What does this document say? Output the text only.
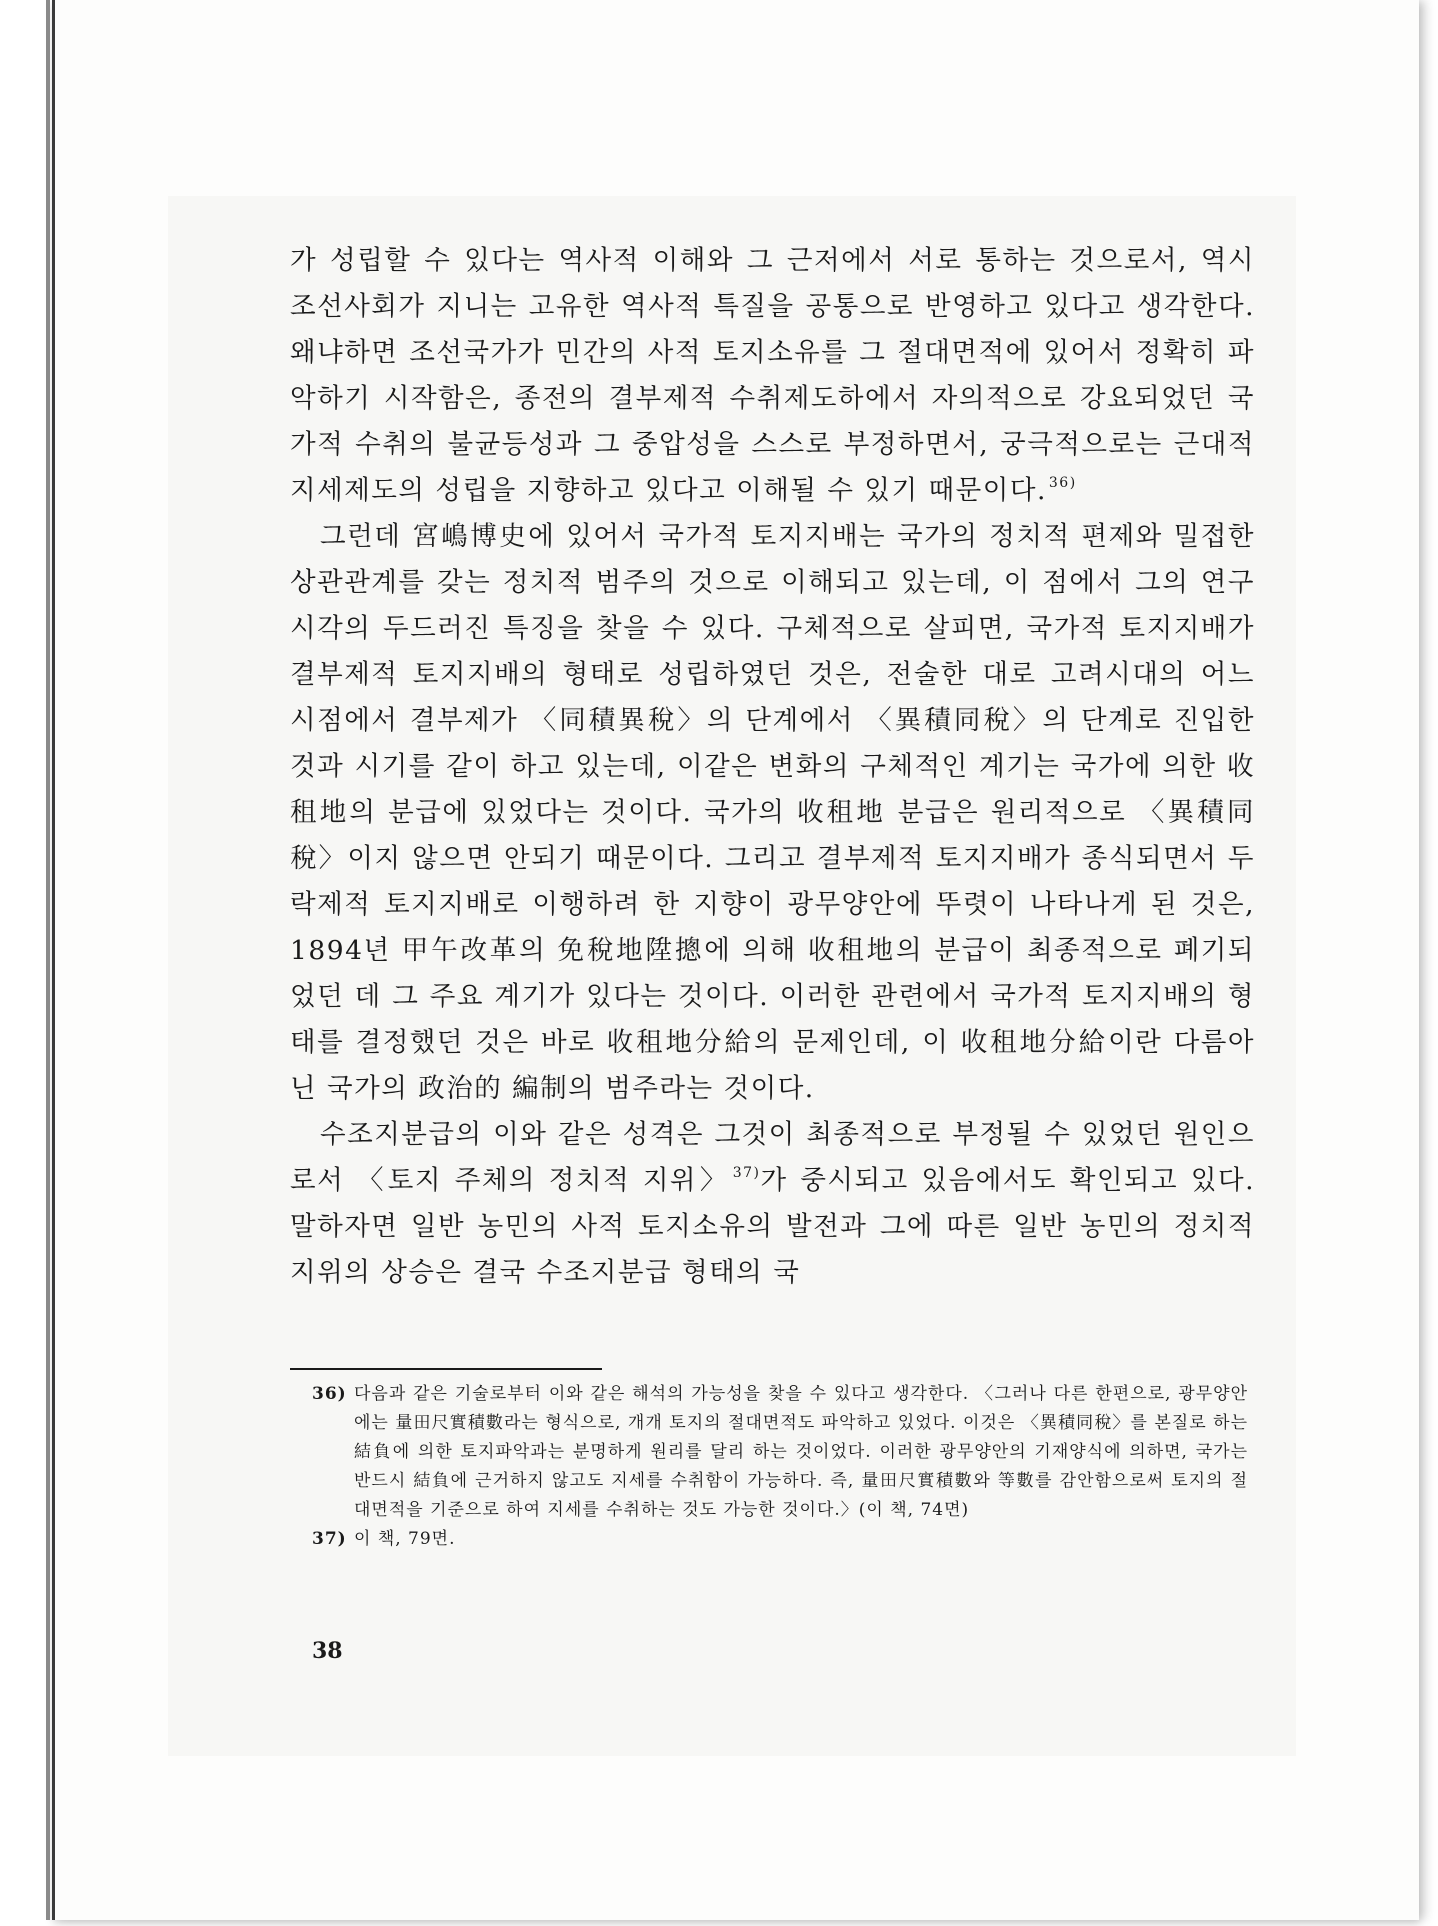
가 성립할 수 있다는 역사적 이해와 그 근저에서 서로 통하는 것으로서, 역시 조선사회가 지니는 고유한 역사적 특질을 공통으로 반영하고 있다고 생각한다. 왜냐하면 조선국가가 민간의 사적 토지소유를 그 절대면적에 있어서 정확히 파악하기 시작함은, 종전의 결부제적 수취제도하에서 자의적으로 강요되었던 국가적 수취의 불균등성과 그 중압성을 스스로 부정하면서, 궁극적으로는 근대적 지세제도의 성립을 지향하고 있다고 이해될 수 있기 때문이다. $^{36)}$

그런데 宮嶋博史에 있어서 국가적 토지지배는 국가의 정치적 편제와 밀접한 상관관계를 갖는 정치적 범주의 것으로 이해되고 있는데, 이 점에서 그의 연구시각의 두드러진 특징을 찾을 수 있다. 구체적으로 살피면, 국가적 토지지배가 결부제적 토지지배의 형태로 성립하였던 것은, 전술한 대로 고려시대의 어느 시점에서 결부제가 〈同積異稅〉의 단계에서 〈異積同稅〉의 단계로 진입한 것과 시기를 같이 하고 있는데, 이같은 변화의 구체적인 계기는 국가에 의한 收租地의 분급에 있었다는 것이다. 국가의 收租地 분급은 원리적으로 〈異積同稅〉이지 않으면 안되기 때문이다. 그리고 결부제적 토지지배가 종식되면서 두락제적 토지지배로 이행하려 한 지향이 광무양안에 뚜렷이 나타나게 된 것은, 1894년 甲午改革의 免稅地陞摠에 의해 收租地의 분급이 최종적으로 폐기되었던 데 그 주요 계기가 있다는 것이다. 이러한 관련에서 국가적 토지지배의 형태를 결정했던 것은 바로 收租地分給의 문제인데, 이 收租地分給이란 다름아닌 국가의 政治的 編制의 범주라는 것이다.

수조지분급의 이와 같은 성격은 그것이 최종적으로 부정될 수 있었던 원인으로서 〈토지 주체의 정치적 지위〉 $^{37)}$가 중시되고 있음에서도 확인되고 있다. 말하자면 일반 농민의 사적 토지소유의 발전과 그에 따른 일반 농민의 정치적 지위의 상승은 결국 수조지분급 형태의 국

36) 다음과 같은 기술로부터 이와 같은 해석의 가능성을 찾을 수 있다고 생각한다. 〈그러나 다른 한편으로, 광무양안에는 量田尺實積數라는 형식으로, 개개 토지의 절대면적도 파악하고 있었다. 이것은 〈異積同稅〉를 본질로 하는 結負에 의한 토지파악과는 분명하게 원리를 달리 하는 것이었다. 이러한 광무양안의 기재양식에 의하면, 국가는 반드시 結負에 근거하지 않고도 지세를 수취함이 가능하다. 즉, 量田尺實積數와 等數를 감안함으로써 토지의 절대면적을 기준으로 하여 지세를 수취하는 것도 가능한 것이다.〉(이 책, 74면)
37) 이 책, 79면.
38
